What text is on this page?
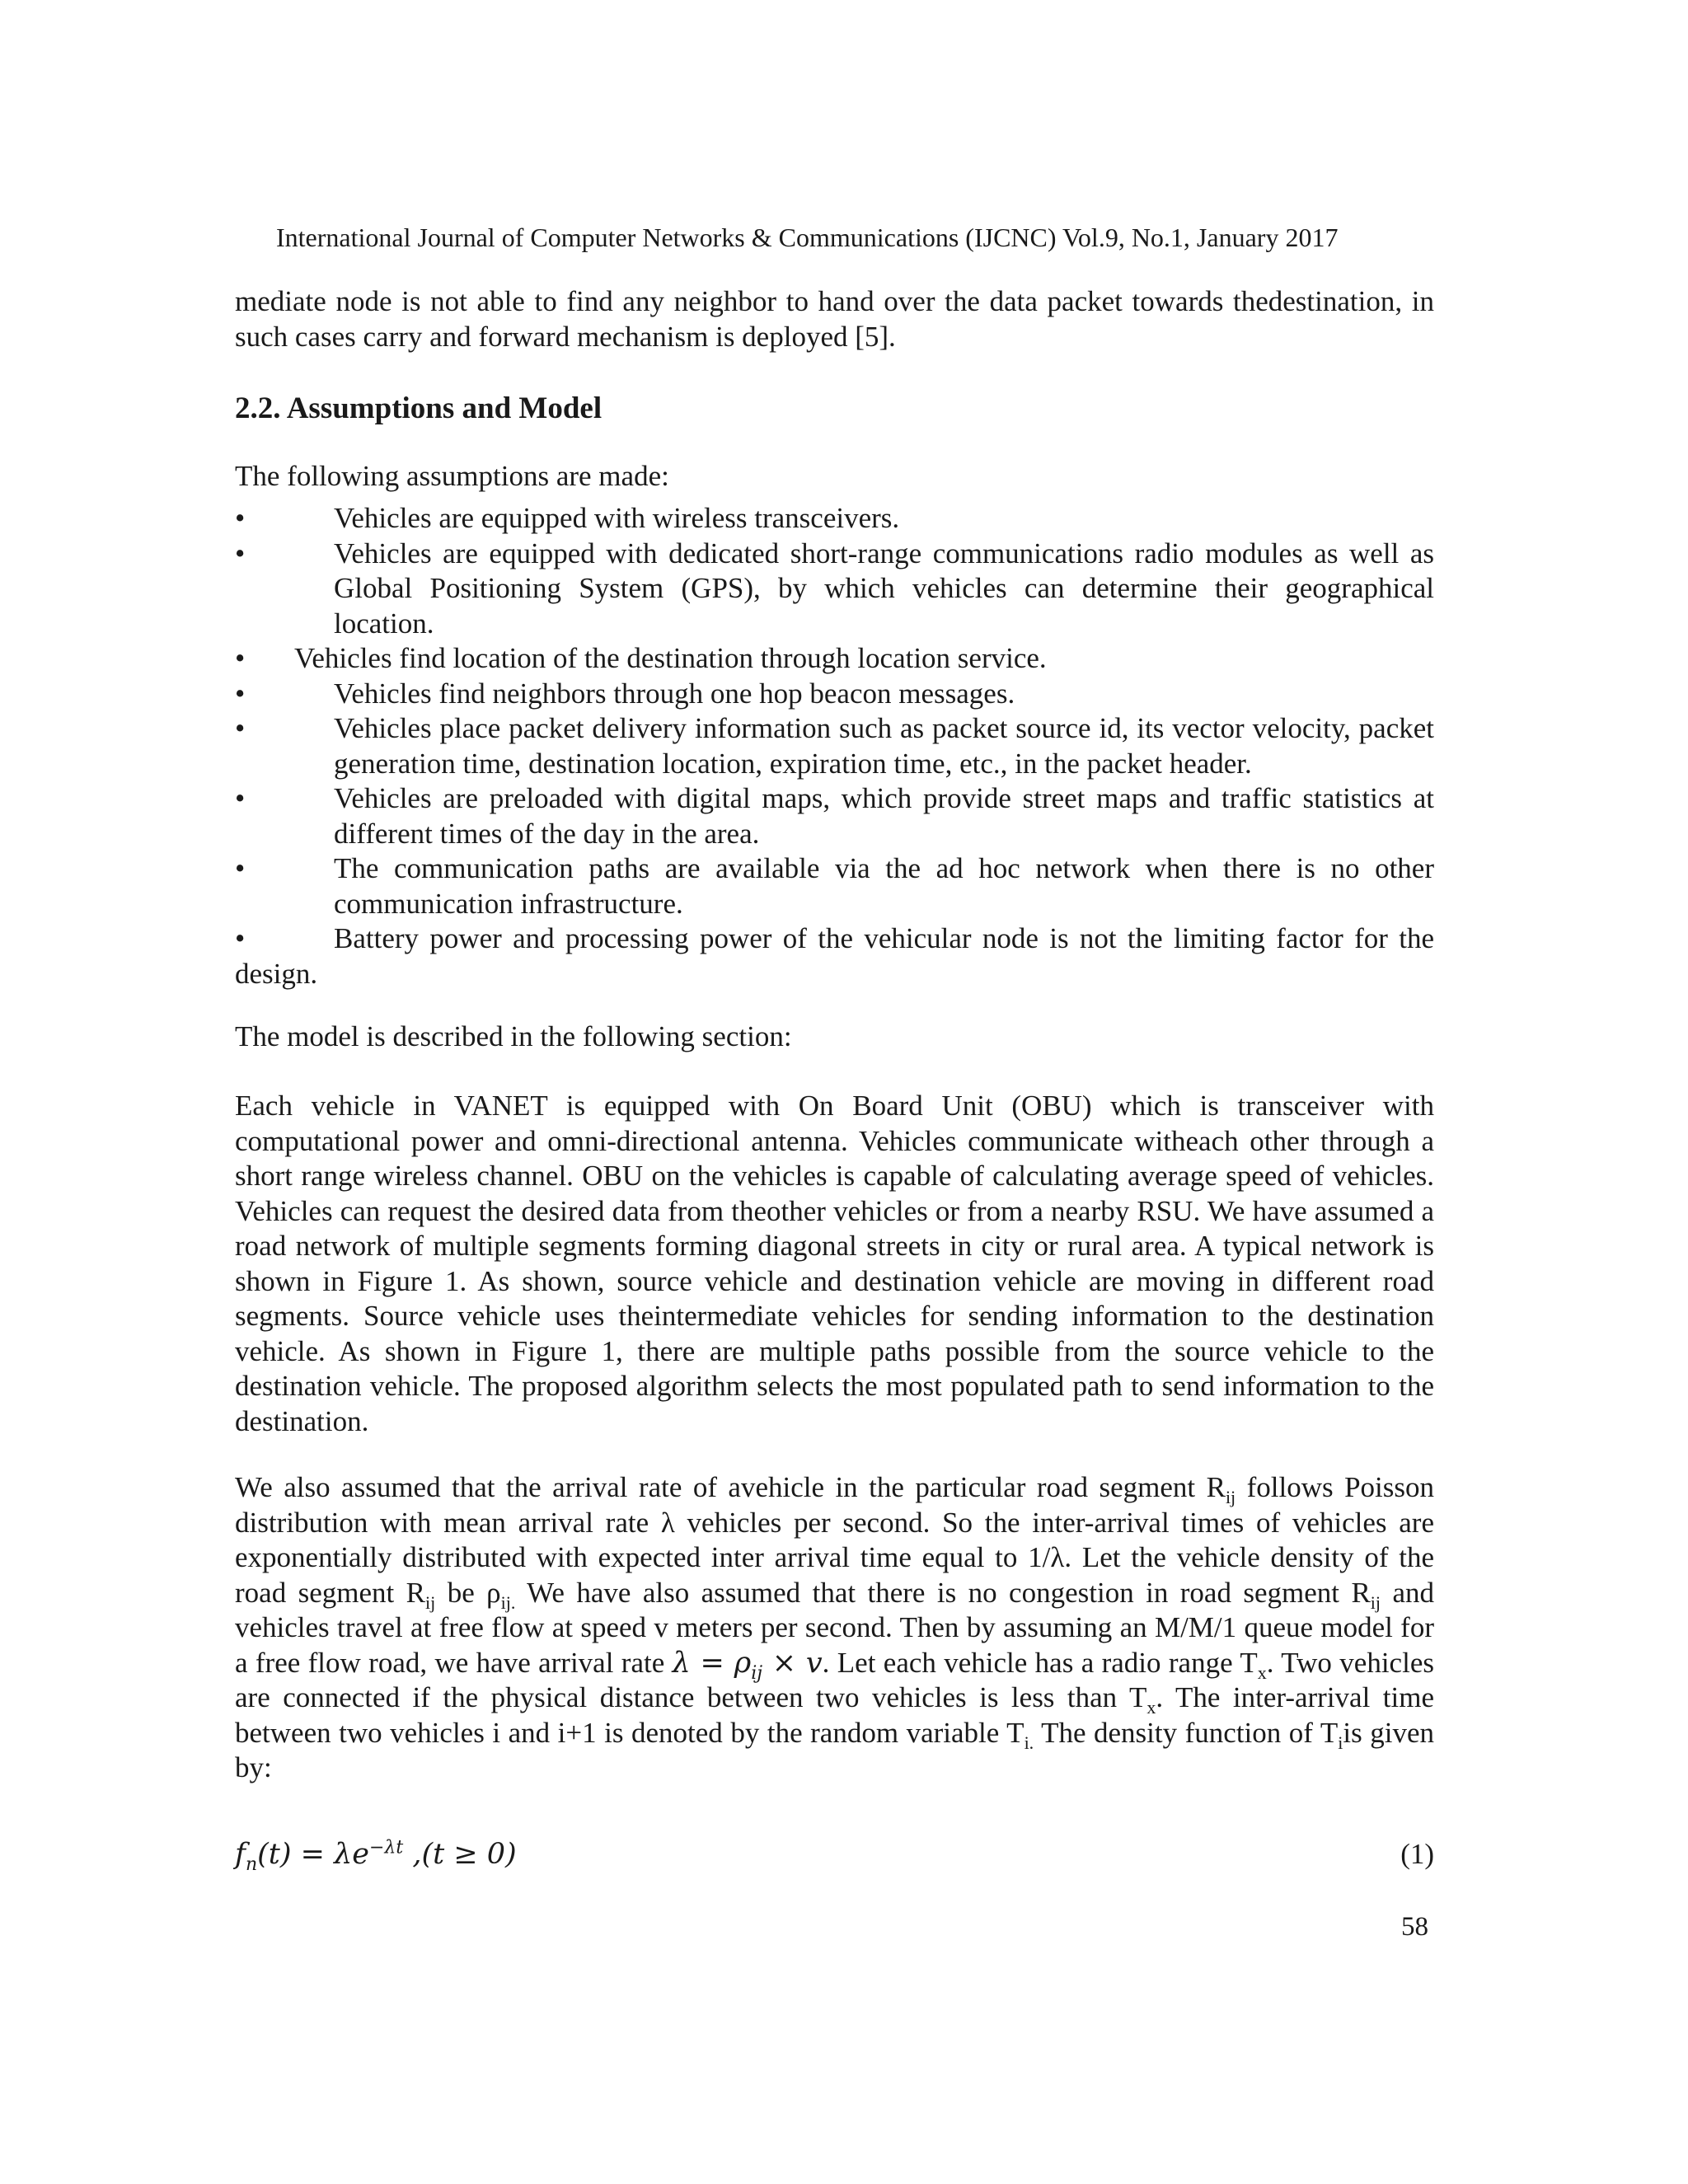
International Journal of Computer Networks & Communications (IJCNC) Vol.9, No.1, January 2017
mediate node is not able to find any neighbor to hand over the data packet towards thedestination, in such cases carry and forward mechanism is deployed [5].
2.2. Assumptions and Model
The following assumptions are made:
•	Vehicles are equipped with wireless transceivers.
•	Vehicles are equipped with dedicated short-range communications radio modules as well as Global Positioning System (GPS), by which vehicles can determine their geographical location.
•	Vehicles find location of the destination through location service.
•	Vehicles find neighbors through one hop beacon messages.
•	Vehicles place packet delivery information such as packet source id, its vector velocity, packet generation time, destination location, expiration time, etc., in the packet header.
•	Vehicles are preloaded with digital maps, which provide street maps and traffic statistics at different times of the day in the area.
•	The communication paths are available via the ad hoc network when there is no other communication infrastructure.
•	Battery power and processing power of the vehicular node is not the limiting factor for the design.
The model is described in the following section:
Each vehicle in VANET is equipped with On Board Unit (OBU) which is transceiver with computational power and omni-directional antenna. Vehicles communicate witheach other through a short range wireless channel. OBU on the vehicles is capable of calculating average speed of vehicles. Vehicles can request the desired data from theother vehicles or from a nearby RSU. We have assumed a road network of multiple segments forming diagonal streets in city or rural area. A typical network is shown in Figure 1. As shown, source vehicle and destination vehicle are moving in different road segments. Source vehicle uses theintermediate vehicles for sending information to the destination vehicle. As shown in Figure 1, there are multiple paths possible from the source vehicle to the destination vehicle. The proposed algorithm selects the most populated path to send information to the destination.
We also assumed that the arrival rate of avehicle in the particular road segment $R_{ij}$ follows Poisson distribution with mean arrival rate λ vehicles per second. So the inter-arrival times of vehicles are exponentially distributed with expected inter arrival time equal to 1/λ. Let the vehicle density of the road segment $R_{ij}$ be $\rho_{ij.}$ We have also assumed that there is no congestion in road segment $R_{ij}$ and vehicles travel at free flow at speed v meters per second. Then by assuming an M/M/1 queue model for a free flow road, we have arrival rate $\lambda = \rho_{ij} \times v$. Let each vehicle has a radio range $T_x$. Two vehicles are connected if the physical distance between two vehicles is less than $T_x$. The inter-arrival time between two vehicles i and i+1 is denoted by the random variable $T_{i.}$ The density function of $T_iis$ given by:
$f_n(t) = \lambda e^{-\lambda t}$ ,(t ≥ 0)	(1)
58
